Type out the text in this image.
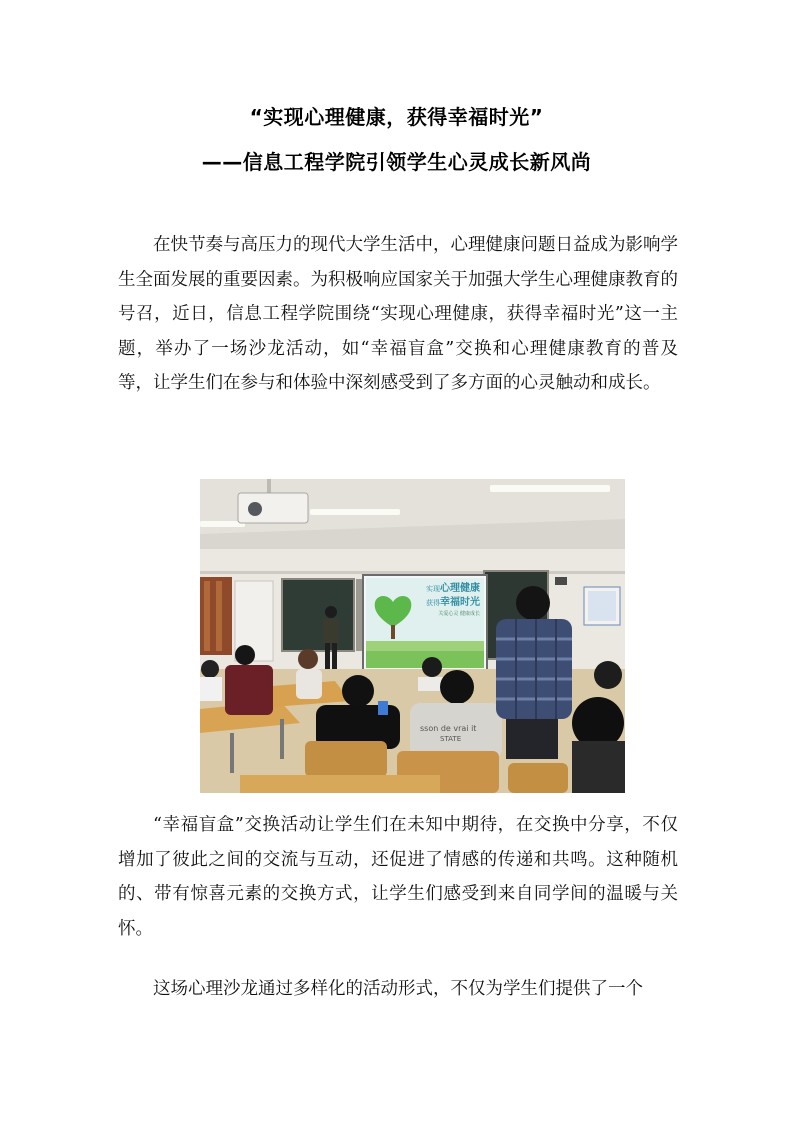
“实现心理健康，获得幸福时光”
——信息工程学院引领学生心灵成长新风尚

在快节奏与高压力的现代大学生活中，心理健康问题日益成为影响学生全面发展的重要因素。为积极响应国家关于加强大学生心理健康教育的号召，近日，信息工程学院围绕“实现心理健康，获得幸福时光”这一主题，举办了一场沙龙活动，如“幸福盲盒”交换和心理健康教育的普及等，让学生们在参与和体验中深刻感受到了多方面的心灵触动和成长。

sson de vrai it
STATE
实现心理健康
获得幸福时光
关爱心灵 健康成长

“幸福盲盒”交换活动让学生们在未知中期待，在交换中分享，不仅增加了彼此之间的交流与互动，还促进了情感的传递和共鸣。这种随机的、带有惊喜元素的交换方式，让学生们感受到来自同学间的温暖与关怀。

这场心理沙龙通过多样化的活动形式，不仅为学生们提供了一个
